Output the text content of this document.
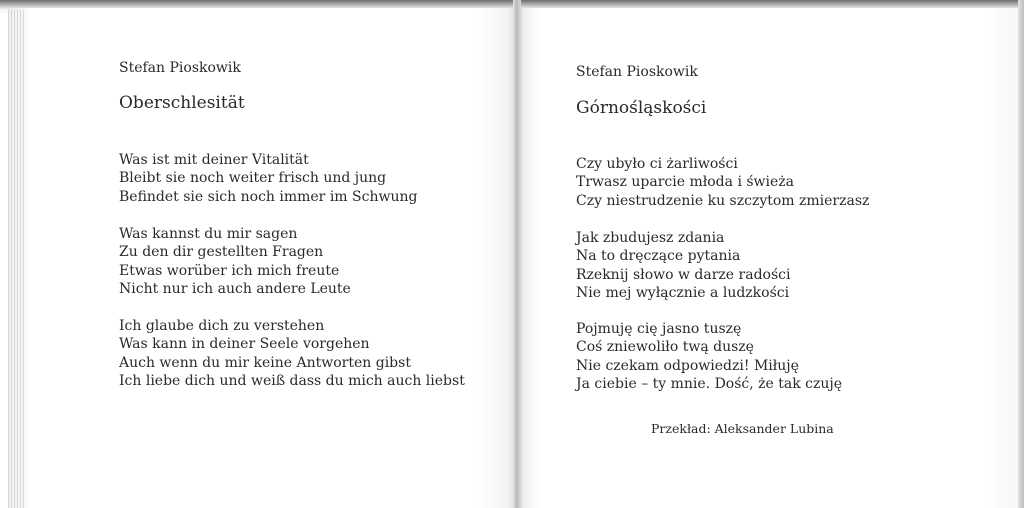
Stefan Pioskowik
Oberschlesität
Was ist mit deiner Vitalität
Bleibt sie noch weiter frisch und jung
Befindet sie sich noch immer im Schwung
Was kannst du mir sagen
Zu den dir gestellten Fragen
Etwas worüber ich mich freute
Nicht nur ich auch andere Leute
Ich glaube dich zu verstehen
Was kann in deiner Seele vorgehen
Auch wenn du mir keine Antworten gibst
Ich liebe dich und weiß dass du mich auch liebst
Stefan Pioskowik
Górnośląskości
Czy ubyło ci żarliwości
Trwasz uparcie młoda i świeża
Czy niestrudzenie ku szczytom zmierzasz
Jak zbudujesz zdania
Na to dręczące pytania
Rzeknij słowo w darze radości
Nie mej wyłącznie a ludzkości
Pojmuję cię jasno tuszę
Coś zniewoliło twą duszę
Nie czekam odpowiedzi! Miłuję
Ja ciebie – ty mnie. Dość, że tak czuję
Przekład: Aleksander Lubina
